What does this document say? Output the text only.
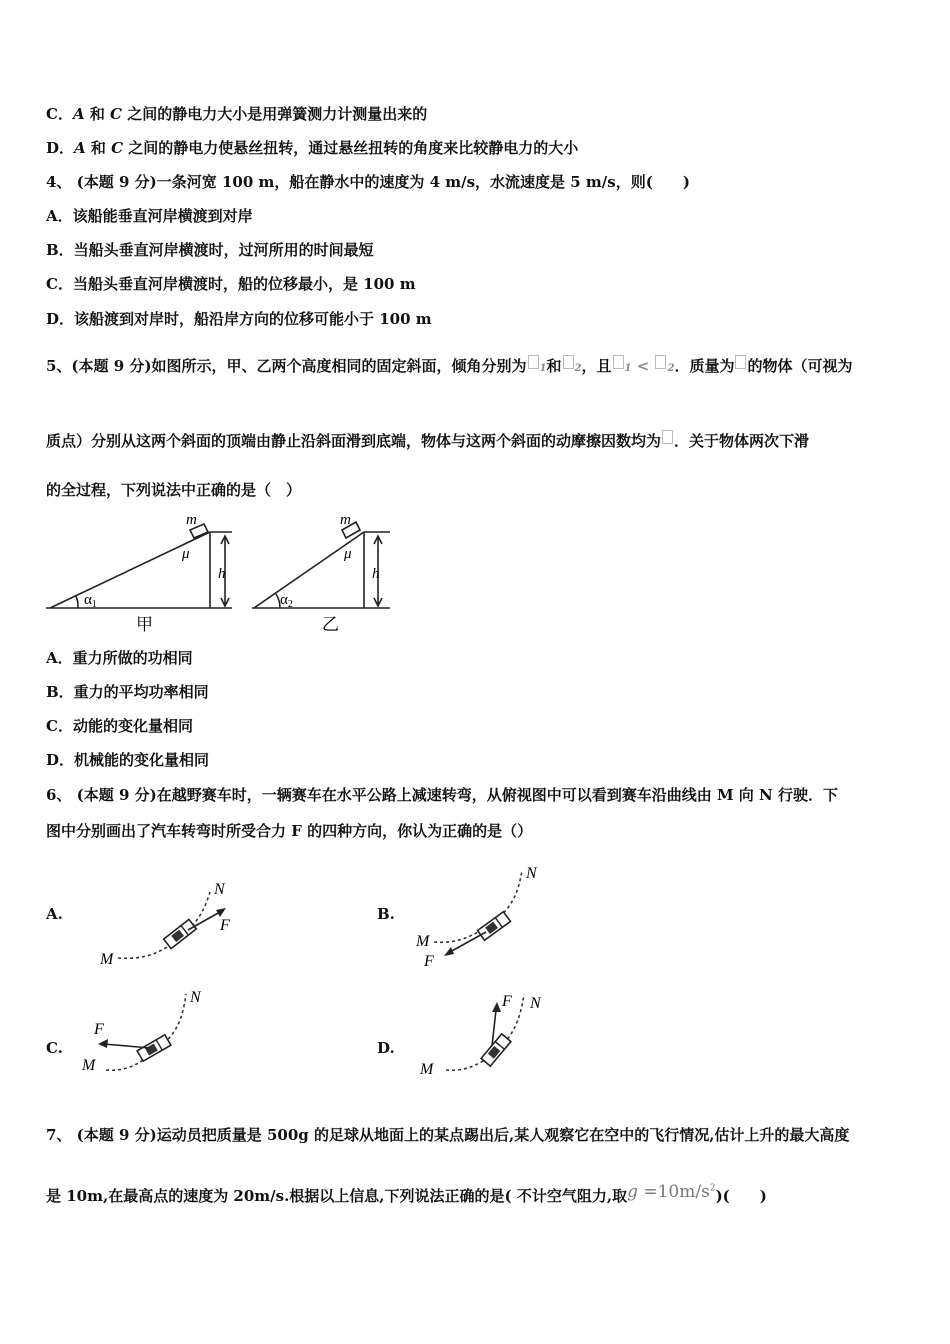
C．A 和 C 之间的静电力大小是用弹簧测力计测量出来的
D．A 和 C 之间的静电力使悬丝扭转，通过悬丝扭转的角度来比较静电力的大小
4、 (本题 9 分)一条河宽 100 m，船在静水中的速度为 4 m/s，水流速度是 5 m/s，则(　　)
A．该船能垂直河岸横渡到对岸
B．当船头垂直河岸横渡时，过河所用的时间最短
C．当船头垂直河岸横渡时，船的位移最小，是 100 m
D．该船渡到对岸时，船沿岸方向的位移可能小于 100 m
5、(本题 9 分)如图所示，甲、乙两个高度相同的固定斜面，倾角分别为 1和 2，且 1 < 2．质量为 的物体（可视为
质点）分别从这两个斜面的顶端由静止沿斜面滑到底端，物体与这两个斜面的动摩擦因数均为 ．关于物体两次下滑
的全过程，下列说法中正确的是（　）
m
μ
h
$\alpha_1$
甲
m
μ
h
$\alpha_2$
乙
A．重力所做的功相同
B．重力的平均功率相同
C．动能的变化量相同
D．机械能的变化量相同
6、 (本题 9 分)在越野赛车时，一辆赛车在水平公路上减速转弯，从俯视图中可以看到赛车沿曲线由 M 向 N 行驶．下
图中分别画出了汽车转弯时所受合力 F 的四种方向，你认为正确的是（）
A.	B.
C.	D.
M
N
F
M
N
F
M
N
F
M
N
F
7、 (本题 9 分)运动员把质量是 500g 的足球从地面上的某点踢出后,某人观察它在空中的飞行情况,估计上升的最大高度
是 10m,在最高点的速度为 20m/s.根据以上信息,下列说法正确的是( 不计空气阻力,取$g =10m/s^2$)(　　)
